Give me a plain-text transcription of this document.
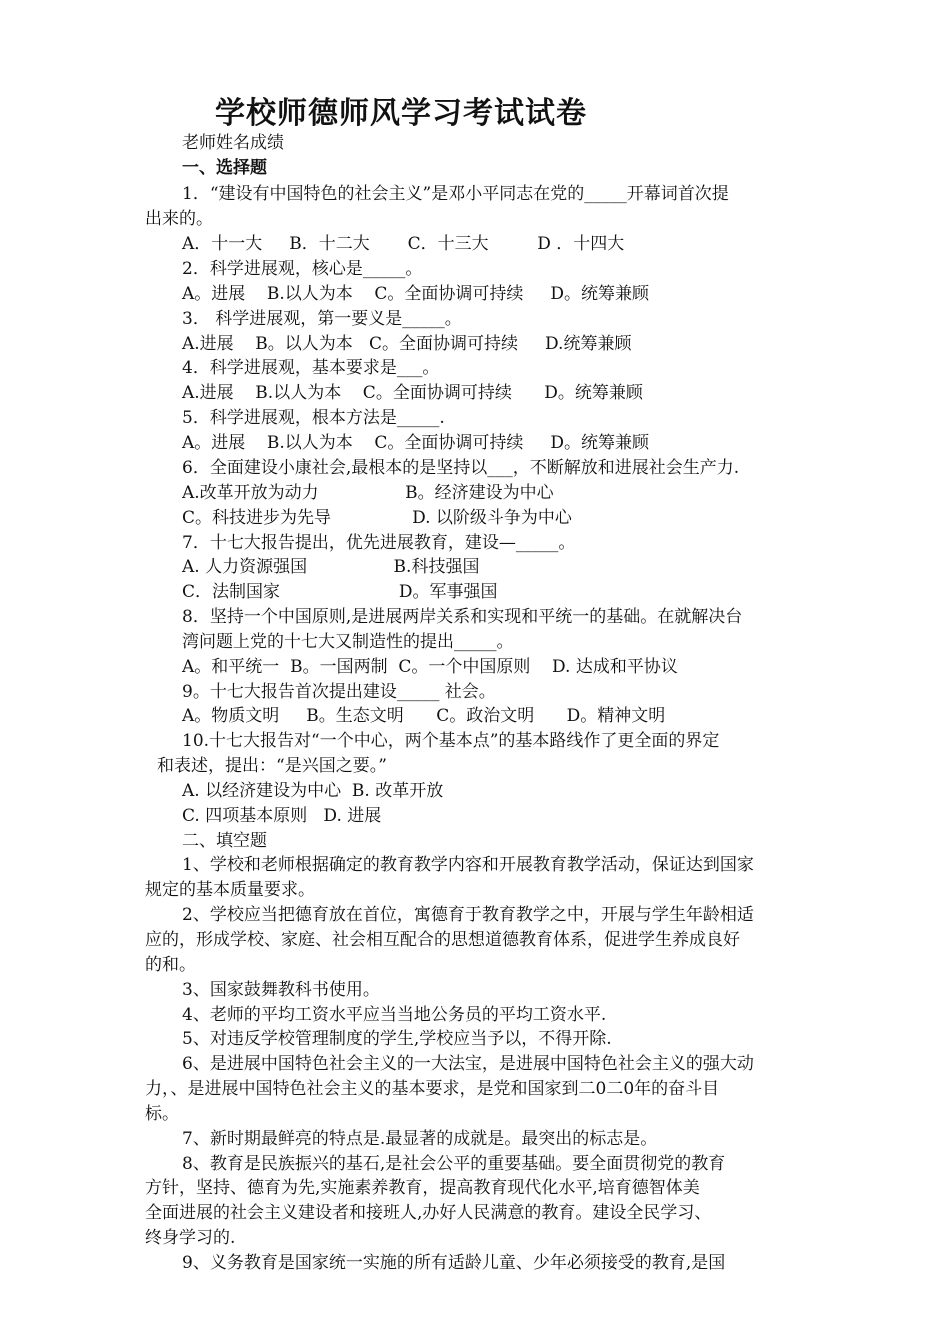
学校师德师风学习考试试卷
老师姓名成绩
一、选择题
1．“建设有中国特色的社会主义”是邓小平同志在党的_____开幕词首次提
出来的。
A．十一大     B．十二大       C．十三大         D ．十四大
2．科学进展观，核心是_____。
A。进展    B.以人为本    C。全面协调可持续     D。统筹兼顾
3． 科学进展观，第一要义是_____。
A.进展    B。以人为本   C。全面协调可持续     D.统筹兼顾
4．科学进展观，基本要求是___。
A.进展    B.以人为本    C。全面协调可持续      D。统筹兼顾
5．科学进展观，根本方法是_____.
A。进展    B.以人为本    C。全面协调可持续     D。统筹兼顾
6．全面建设小康社会,最根本的是坚持以___，不断解放和进展社会生产力.
A.改革开放为动力                B。经济建设为中心
C。科技进步为先导               D. 以阶级斗争为中心
7．十七大报告提出，优先进展教育，建设—_____。
A. 人力资源强国                B.科技强国
C．法制国家                      D。军事强国
8．坚持一个中国原则,是进展两岸关系和实现和平统一的基础。在就解决台
湾问题上党的十七大又制造性的提出_____。
A。和平统一  B。一国两制  C。一个中国原则    D. 达成和平协议
9。十七大报告首次提出建设_____ 社会。
A。物质文明     B。生态文明      C。政治文明      D。精神文明
10.十七大报告对“一个中心，两个基本点”的基本路线作了更全面的界定
和表述，提出：“是兴国之要。”
A. 以经济建设为中心  B. 改革开放
C. 四项基本原则   D. 进展
二、填空题
1、学校和老师根据确定的教育教学内容和开展教育教学活动，保证达到国家
规定的基本质量要求。
2、学校应当把德育放在首位，寓德育于教育教学之中，开展与学生年龄相适
应的，形成学校、家庭、社会相互配合的思想道德教育体系，促进学生养成良好
的和。
3、国家鼓舞教科书使用。
4、老师的平均工资水平应当当地公务员的平均工资水平.
5、对违反学校管理制度的学生,学校应当予以，不得开除.
6、是进展中国特色社会主义的一大法宝，是进展中国特色社会主义的强大动
力，、是进展中国特色社会主义的基本要求，是党和国家到二0二0年的奋斗目
标。
7、新时期最鲜亮的特点是.最显著的成就是。最突出的标志是。
8、教育是民族振兴的基石,是社会公平的重要基础。要全面贯彻党的教育
方针，坚持、德育为先,实施素养教育，提高教育现代化水平,培育德智体美
全面进展的社会主义建设者和接班人,办好人民满意的教育。建设全民学习、
终身学习的.
9、义务教育是国家统一实施的所有适龄儿童、少年必须接受的教育,是国
